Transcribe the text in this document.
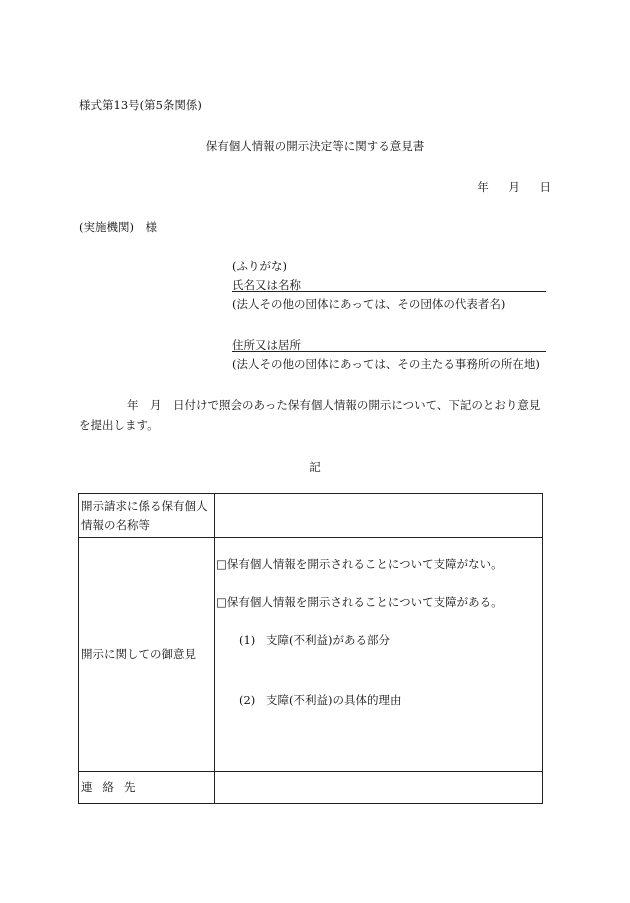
様式第13号(第5条関係)
保有個人情報の開示決定等に関する意見書
年 月 日
(実施機関)　様
(ふりがな)
氏名又は名称
(法人その他の団体にあっては、その団体の代表者名)
住所又は居所
(法人その他の団体にあっては、その主たる事務所の所在地)
年　月　日付けで照会のあった保有個人情報の開示について、下記のとおり意見を提出します。
記
開示請求に係る保有個人情報の名称等	
開示に関しての御意見	□保有個人情報を開示されることについて支障がない。
□保有個人情報を開示されることについて支障がある。
(1) 支障(不利益)がある部分
(2) 支障(不利益)の具体的理由

連絡先	
